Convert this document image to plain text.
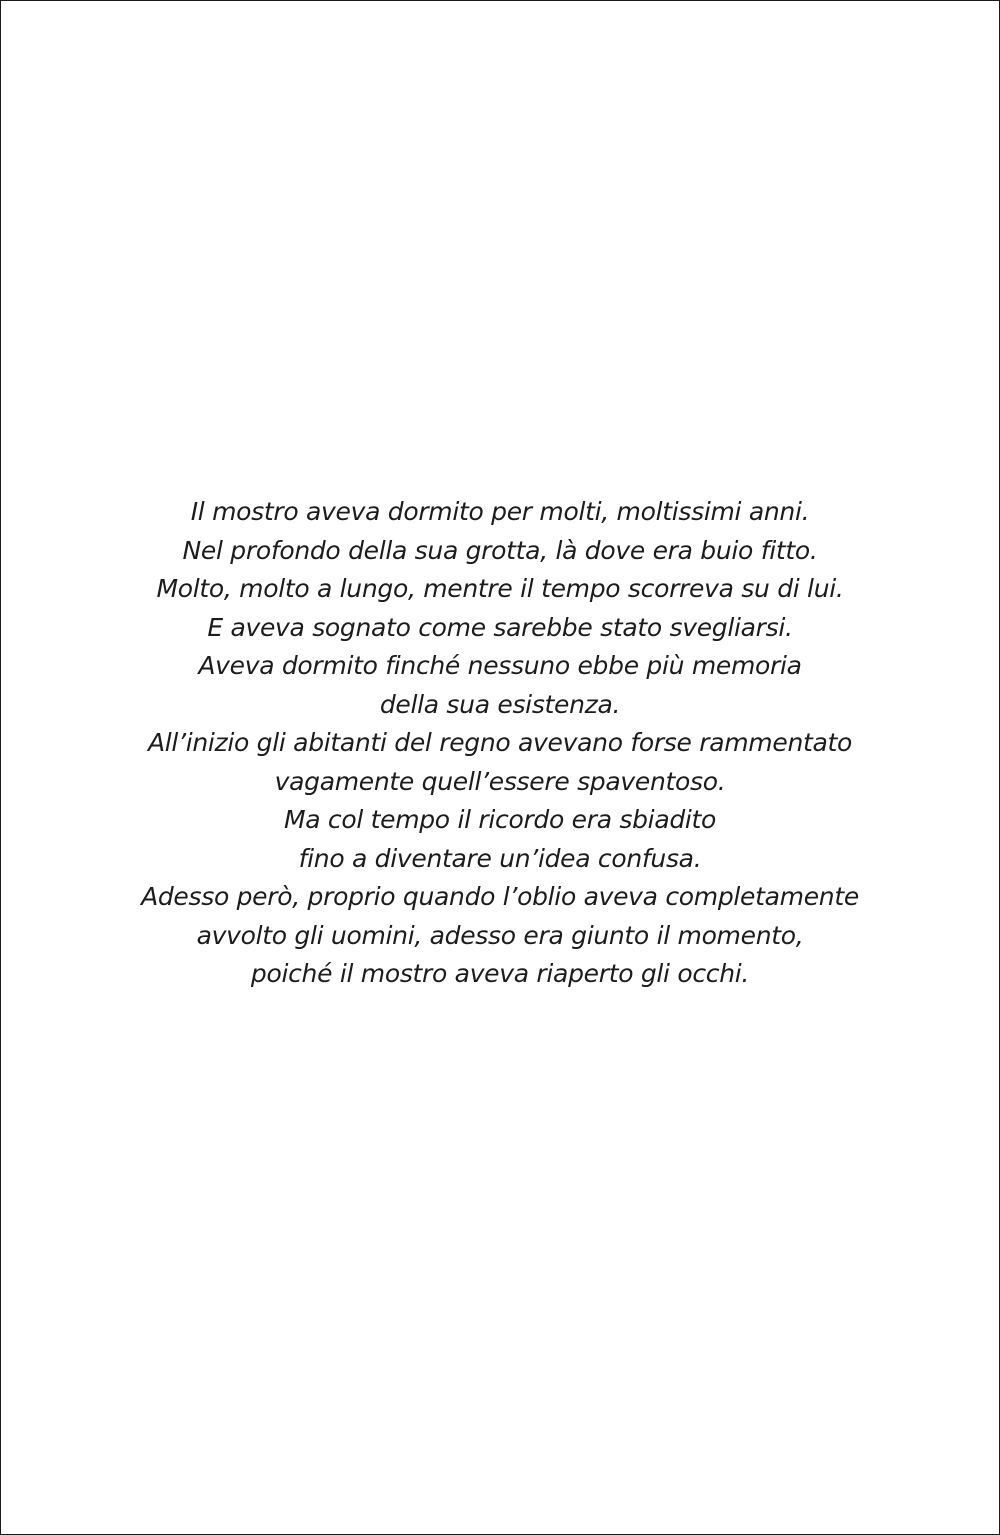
Il mostro aveva dormito per molti, moltissimi anni.
Nel profondo della sua grotta, là dove era buio fitto.
Molto, molto a lungo, mentre il tempo scorreva su di lui.
E aveva sognato come sarebbe stato svegliarsi.
Aveva dormito finché nessuno ebbe più memoria
della sua esistenza.
All’inizio gli abitanti del regno avevano forse rammentato
vagamente quell’essere spaventoso.
Ma col tempo il ricordo era sbiadito
fino a diventare un’idea confusa.
Adesso però, proprio quando l’oblio aveva completamente
avvolto gli uomini, adesso era giunto il momento,
poiché il mostro aveva riaperto gli occhi.
